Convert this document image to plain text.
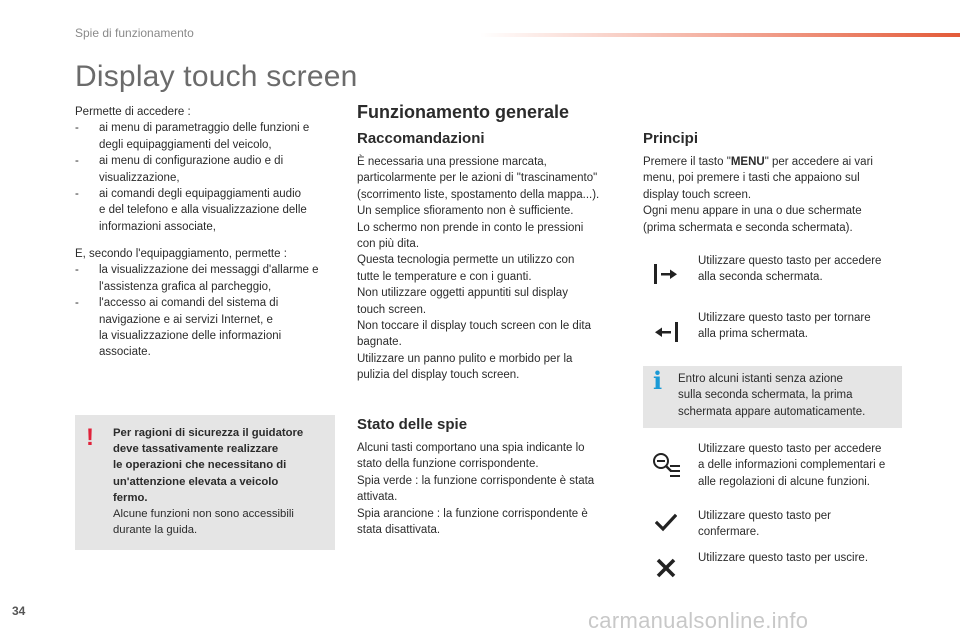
Spie di funzionamento
Display touch screen
Permette di accedere :
- ai menu di parametraggio delle funzioni e
degli equipaggiamenti del veicolo,
- ai menu di configurazione audio e di
visualizzazione,
- ai comandi degli equipaggiamenti audio
e del telefono e alla visualizzazione delle
informazioni associate,
E, secondo l'equipaggiamento, permette :
- la visualizzazione dei messaggi d'allarme e
l'assistenza grafica al parcheggio,
- l'accesso ai comandi del sistema di
navigazione e ai servizi Internet, e
la visualizzazione delle informazioni
associate.
! Per ragioni di sicurezza il guidatore
deve tassativamente realizzare
le operazioni che necessitano di
un'attenzione elevata a veicolo
fermo.
Alcune funzioni non sono accessibili
durante la guida.
Funzionamento generale
Raccomandazioni
È necessaria una pressione marcata,
particolarmente per le azioni di "trascinamento"
(scorrimento liste, spostamento della mappa...).
Un semplice sfioramento non è sufficiente.
Lo schermo non prende in conto le pressioni
con più dita.
Questa tecnologia permette un utilizzo con
tutte le temperature e con i guanti.
Non utilizzare oggetti appuntiti sul display
touch screen.
Non toccare il display touch screen con le dita
bagnate.
Utilizzare un panno pulito e morbido per la
pulizia del display touch screen.
Stato delle spie
Alcuni tasti comportano una spia indicante lo
stato della funzione corrispondente.
Spia verde : la funzione corrispondente è stata
attivata.
Spia arancione : la funzione corrispondente è
stata disattivata.
Principi
Premere il tasto "MENU" per accedere ai vari
menu, poi premere i tasti che appaiono sul
display touch screen.
Ogni menu appare in una o due schermate
(prima schermata e seconda schermata).
Utilizzare questo tasto per accedere
alla seconda schermata.
Utilizzare questo tasto per tornare
alla prima schermata.
i Entro alcuni istanti senza azione
sulla seconda schermata, la prima
schermata appare automaticamente.
Utilizzare questo tasto per accedere
a delle informazioni complementari e
alle regolazioni di alcune funzioni.
Utilizzare questo tasto per
confermare.
Utilizzare questo tasto per uscire.
34	carmanualsonline.info
